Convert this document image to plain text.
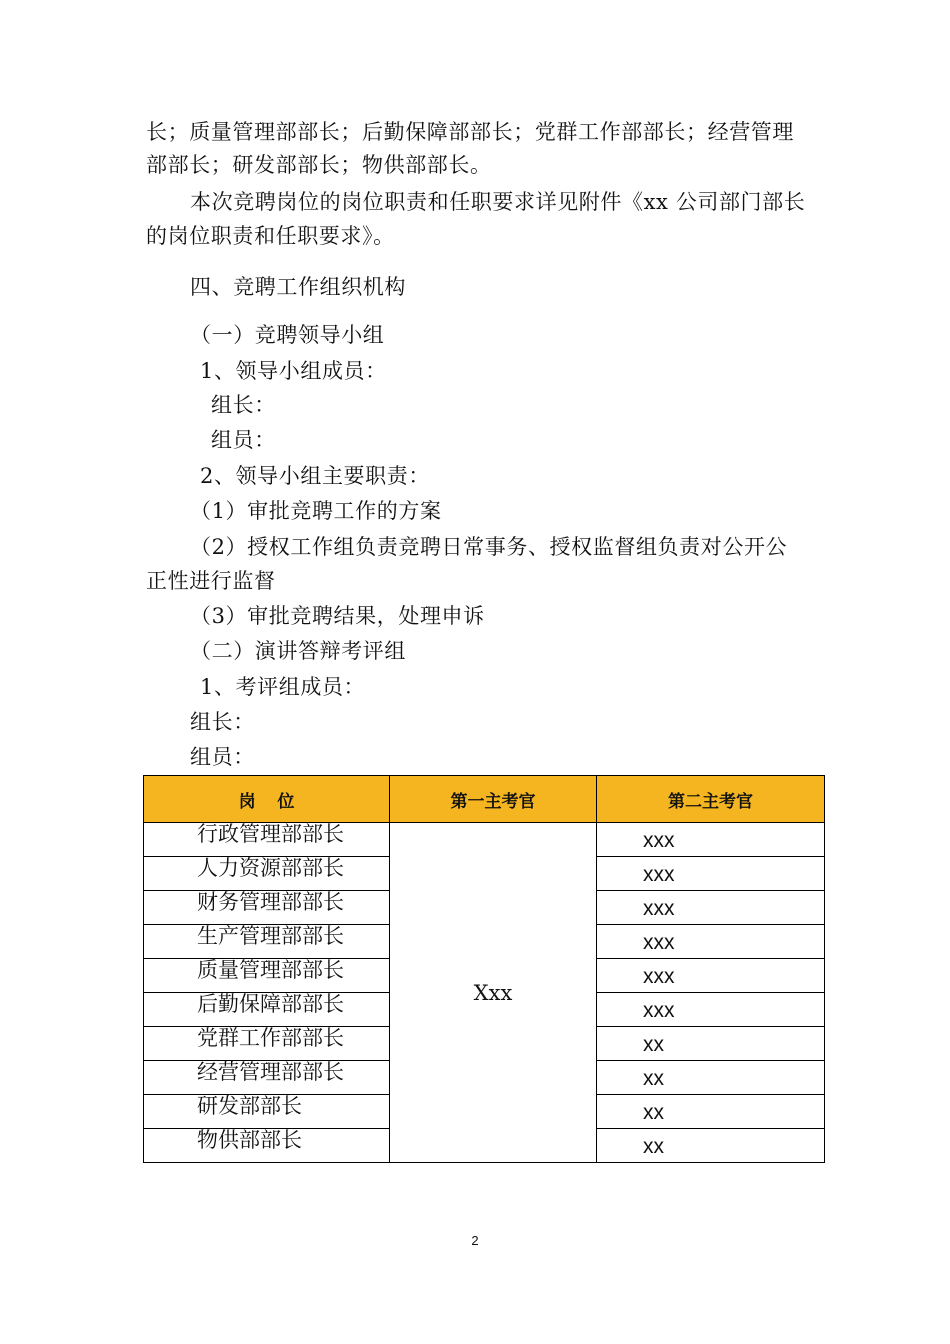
长；质量管理部部长；后勤保障部部长；党群工作部部长；经营管理
部部长；研发部部长；物供部部长。
本次竞聘岗位的岗位职责和任职要求详见附件《xx 公司部门部长
的岗位职责和任职要求》。
四、竞聘工作组织机构
（一）竞聘领导小组
1、领导小组成员：
组长：
组员：
2、领导小组主要职责：
（1）审批竞聘工作的方案
（2）授权工作组负责竞聘日常事务、授权监督组负责对公开公
正性进行监督
（3）审批竞聘结果，处理申诉
（二）演讲答辩考评组
1、考评组成员：
组长：
组员：
岗　 位	第一主考官	第二主考官
行政管理部部长	Xxx	xxx
人力资源部部长		xxx
财务管理部部长		xxx
生产管理部部长		xxx
质量管理部部长		xxx
后勤保障部部长		xxx
党群工作部部长		xx
经营管理部部长		xx
研发部部长		xx
物供部部长		xx
2
